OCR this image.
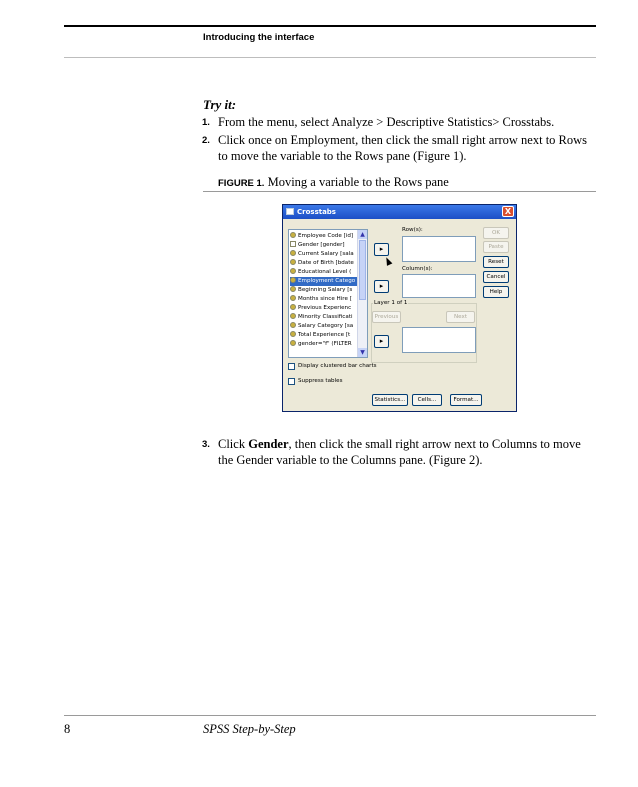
Introducing the interface
Try it:
1. From the menu, select Analyze > Descriptive Statistics> Crosstabs.
2. Click once on Employment, then click the small right arrow next to Rows to move the variable to the Rows pane (Figure 1).
FIGURE 1. Moving a variable to the Rows pane
Crosstabs	X
Employee Code [id]
Gender [gender]
Current Salary [sala
Date of Birth [bdate
Educational Level (
Employment Catego
Beginning Salary [s
Months since Hire [
Previous Experienc
Minority Classificati
Salary Category [sa
Total Experience [t
gender="f" (FILTER
▲
▼
Row(s):
▸
Column(s):
▸
Layer 1 of 1
Previous	Next
▸
OK
Paste
Reset
Cancel
Help
Display clustered bar charts
Suppress tables
Statistics...	Cells...	Format...
3. Click Gender, then click the small right arrow next to Columns to move the Gender variable to the Columns pane. (Figure 2).
8	SPSS Step-by-Step
